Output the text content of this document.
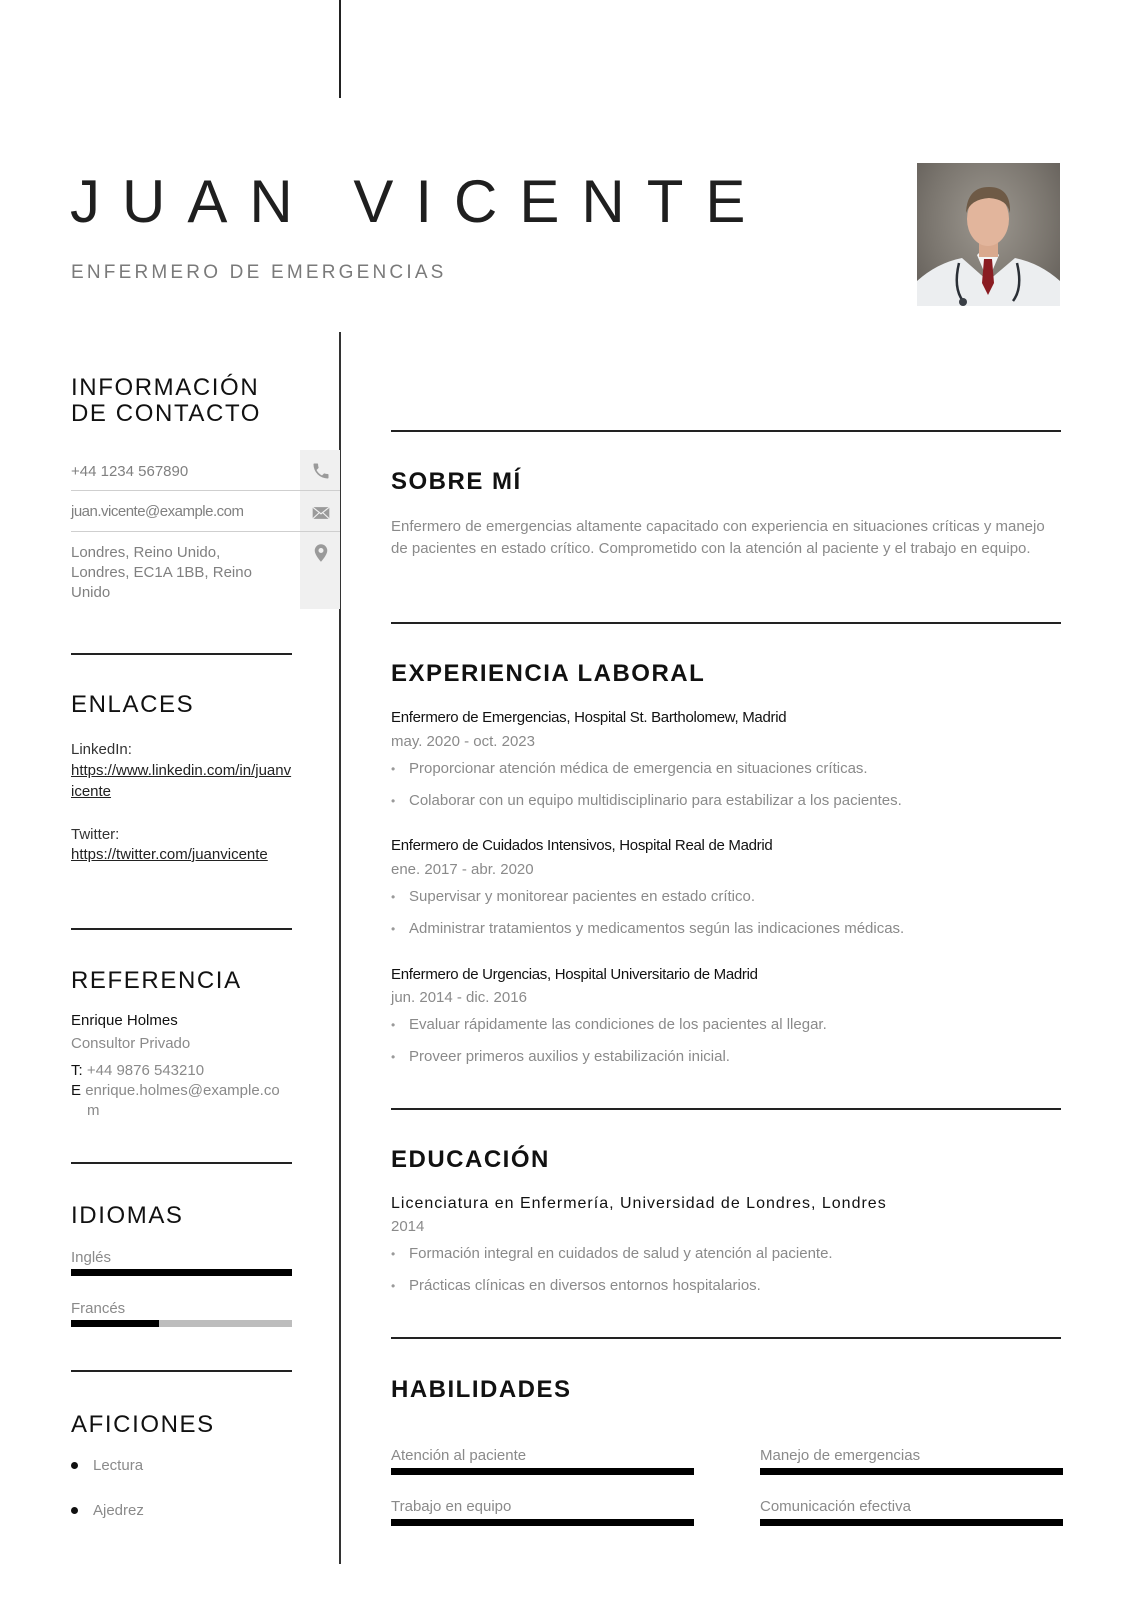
JUAN VICENTE
ENFERMERO DE EMERGENCIAS
INFORMACIÓN
DE CONTACTO
+44 1234 567890
juan.vicente@example.com
Londres, Reino Unido, Londres, EC1A 1BB, Reino Unido
ENLACES
LinkedIn:
https://www.linkedin.com/in/juanvicente
Twitter:
https://twitter.com/juanvicente
REFERENCIA
Enrique Holmes
Consultor Privado
T: +44 9876 543210
E enrique.holmes@example.com
IDIOMAS
Inglés
Francés
AFICIONES
Lectura
Ajedrez
SOBRE MÍ

Enfermero de emergencias altamente capacitado con experiencia en situaciones críticas y manejo de pacientes en estado crítico. Comprometido con la atención al paciente y el trabajo en equipo.

EXPERIENCIA LABORAL
Enfermero de Emergencias, Hospital St. Bartholomew, Madrid
may. 2020 - oct. 2023
• Proporcionar atención médica de emergencia en situaciones críticas.
• Colaborar con un equipo multidisciplinario para estabilizar a los pacientes.
Enfermero de Cuidados Intensivos, Hospital Real de Madrid
ene. 2017 - abr. 2020
• Supervisar y monitorear pacientes en estado crítico.
• Administrar tratamientos y medicamentos según las indicaciones médicas.
Enfermero de Urgencias, Hospital Universitario de Madrid
jun. 2014 - dic. 2016
• Evaluar rápidamente las condiciones de los pacientes al llegar.
• Proveer primeros auxilios y estabilización inicial.
EDUCACIÓN
Licenciatura en Enfermería, Universidad de Londres, Londres
2014
• Formación integral en cuidados de salud y atención al paciente.
• Prácticas clínicas en diversos entornos hospitalarios.
HABILIDADES
Atención al paciente	Manejo de emergencias
Trabajo en equipo	Comunicación efectiva
